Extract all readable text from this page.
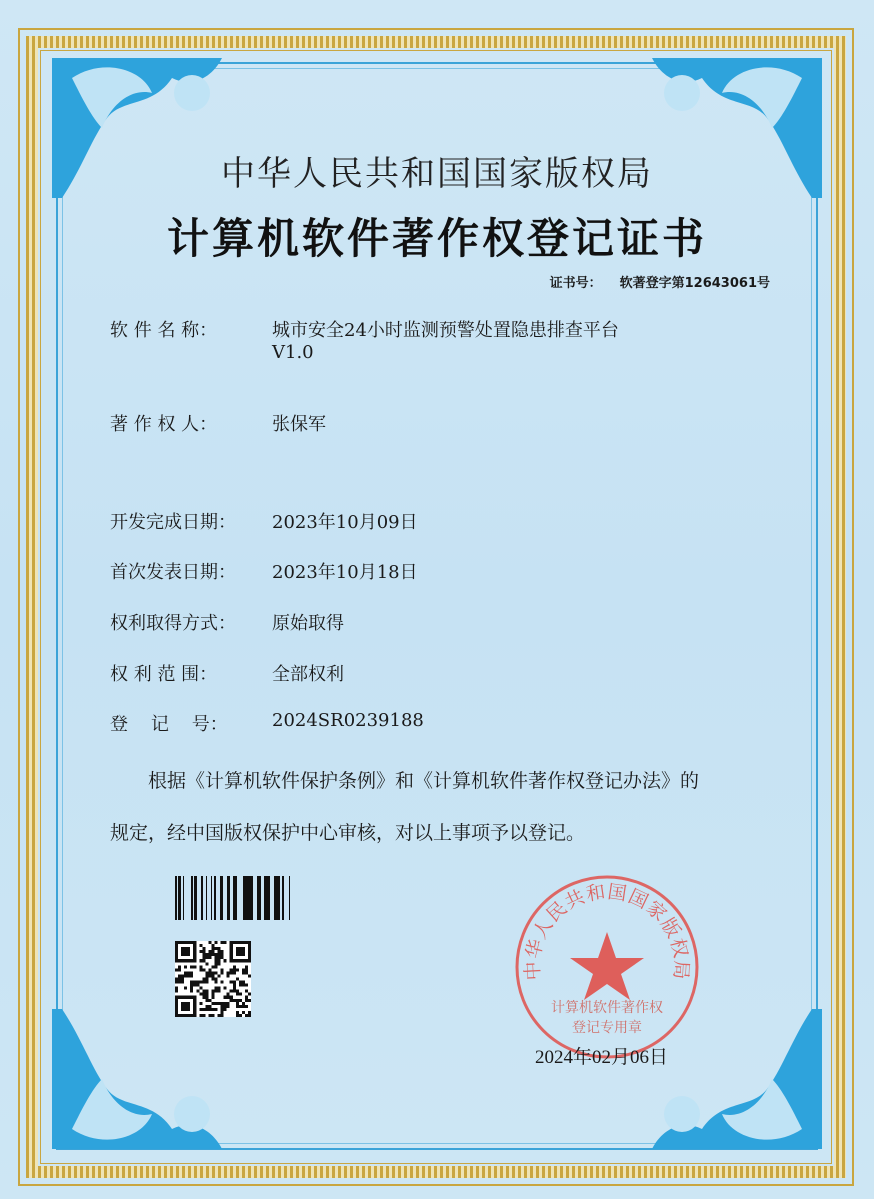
中华人民共和国国家版权局
计算机软件著作权登记证书
证书号： 软著登字第12643061号
软 件 名 称：	城市安全24小时监测预警处置隐患排查平台
V1.0
著 作 权 人：	张保军
开发完成日期：	2023年10月09日
首次发表日期：	2023年10月18日
权利取得方式：	原始取得
权 利 范 围：	全部权利
登    记    号：	2024SR0239188
根据《计算机软件保护条例》和《计算机软件著作权登记办法》的
规定，经中国版权保护中心审核，对以上事项予以登记。
中华人民共和国国家版权局
计算机软件著作权
登记专用章
2024年02月06日
